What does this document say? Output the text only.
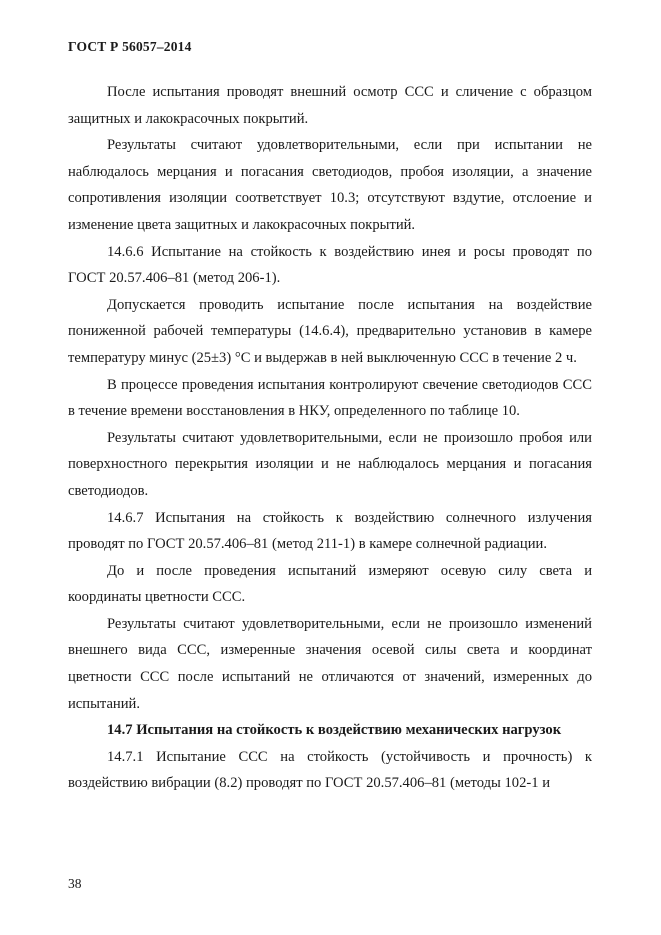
ГОСТ Р 56057–2014

После испытания проводят внешний осмотр ССС и сличение с образцом защитных и лакокрасочных покрытий.

Результаты считают удовлетворительными, если при испытании не наблюдалось мерцания и погасания светодиодов, пробоя изоляции, а значение сопротивления изоляции соответствует 10.3; отсутствуют вздутие, отслоение и изменение цвета защитных и лакокрасочных покрытий.

14.6.6 Испытание на стойкость к воздействию инея и росы проводят по ГОСТ 20.57.406–81 (метод 206-1).

Допускается проводить испытание после испытания на воздействие пониженной рабочей температуры (14.6.4), предварительно установив в камере температуру минус (25±3) °С и выдержав в ней выключенную ССС в течение 2 ч.

В процессе проведения испытания контролируют свечение светодиодов ССС в течение времени восстановления в НКУ, определенного по таблице 10.

Результаты считают удовлетворительными, если не произошло пробоя или поверхностного перекрытия изоляции и не наблюдалось мерцания и погасания светодиодов.

14.6.7 Испытания на стойкость к воздействию солнечного излучения проводят по ГОСТ 20.57.406–81 (метод 211-1) в камере солнечной радиации.

До и после проведения испытаний измеряют осевую силу света и координаты цветности ССС.

Результаты считают удовлетворительными, если не произошло изменений внешнего вида ССС, измеренные значения осевой силы света и координат цветности ССС после испытаний не отличаются от значений, измеренных до испытаний.

14.7 Испытания на стойкость к воздействию механических нагрузок

14.7.1 Испытание ССС на стойкость (устойчивость и прочность) к воздействию вибрации (8.2) проводят по ГОСТ 20.57.406–81 (методы 102-1 и

38
